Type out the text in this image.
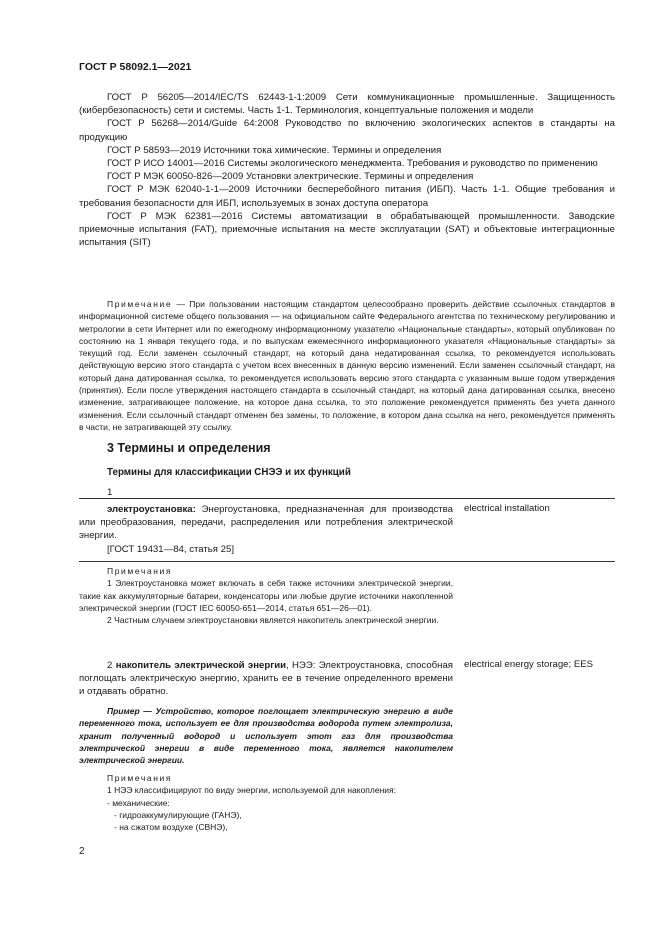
ГОСТ Р 58092.1—2021

ГОСТ Р 56205—2014/IEC/TS 62443-1-1:2009 Сети коммуникационные промышленные. Защищенность (кибербезопасность) сети и системы. Часть 1-1. Терминология, концептуальные положения и модели

ГОСТ Р 56268—2014/Guide 64:2008 Руководство по включению экологических аспектов в стандарты на продукцию

ГОСТ Р 58593—2019 Источники тока химические. Термины и определения

ГОСТ Р ИСО 14001—2016 Системы экологического менеджмента. Требования и руководство по применению

ГОСТ Р МЭК 60050-826—2009 Установки электрические. Термины и определения

ГОСТ Р МЭК 62040-1-1—2009 Источники бесперебойного питания (ИБП). Часть 1-1. Общие требования и требования безопасности для ИБП, используемых в зонах доступа оператора

ГОСТ Р МЭК 62381—2016 Системы автоматизации в обрабатывающей промышленности. Заводские приемочные испытания (FAT), приемочные испытания на месте эксплуатации (SAT) и объектовые интеграционные испытания (SIT)

Примечание — При пользовании настоящим стандартом целесообразно проверить действие ссылочных стандартов в информационной системе общего пользования — на официальном сайте Федерального агентства по техническому регулированию и метрологии в сети Интернет или по ежегодному информационному указателю «Национальные стандарты», который опубликован по состоянию на 1 января текущего года, и по выпускам ежемесячного информационного указателя «Национальные стандарты» за текущий год. Если заменен ссылочный стандарт, на который дана недатированная ссылка, то рекомендуется использовать действующую версию этого стандарта с учетом всех внесенных в данную версию изменений. Если заменен ссылочный стандарт, на который дана датированная ссылка, то рекомендуется использовать версию этого стандарта с указанным выше годом утверждения (принятия). Если после утверждения настоящего стандарта в ссылочный стандарт, на который дана датированная ссылка, внесено изменение, затрагивающее положение, на которое дана ссылка, то это положение рекомендуется применять без учета данного изменения. Если ссылочный стандарт отменен без замены, то положение, в котором дана ссылка на него, рекомендуется применять в части, не затрагивающей эту ссылку.

3 Термины и определения
Термины для классификации СНЭЭ и их функций
1

электроустановка: Энергоустановка, предназначенная для производства или преобразования, передачи, распределения или потребления электрической энергии.

[ГОСТ 19431—84, статья 25]

electrical installation

Примечания

1 Электроустановка может включать в себя также источники электрической энергии, такие как аккумуляторные батареи, конденсаторы или любые другие источники накопленной электрической энергии (ГОСТ IEC 60050-651—2014, статья 651—26—01).

2 Частным случаем электроустановки является накопитель электрической энергии.

2 накопитель электрической энергии, НЭЭ: Электроустановка, способная поглощать электрическую энергию, хранить ее в течение определенного времени и отдавать обратно.

electrical energy storage; EES

Пример — Устройство, которое поглощает электрическую энергию в виде переменного тока, использует ее для производства водорода путем электролиза, хранит полученный водород и использует этот газ для производства электрической энергии в виде переменного тока, является накопителем электрической энергии.

Примечания

1 НЭЭ классифицируют по виду энергии, используемой для накопления:

- механические:

- гидроаккумулирующие (ГАНЭ),

- на сжатом воздухе (СВНЭ),

2
